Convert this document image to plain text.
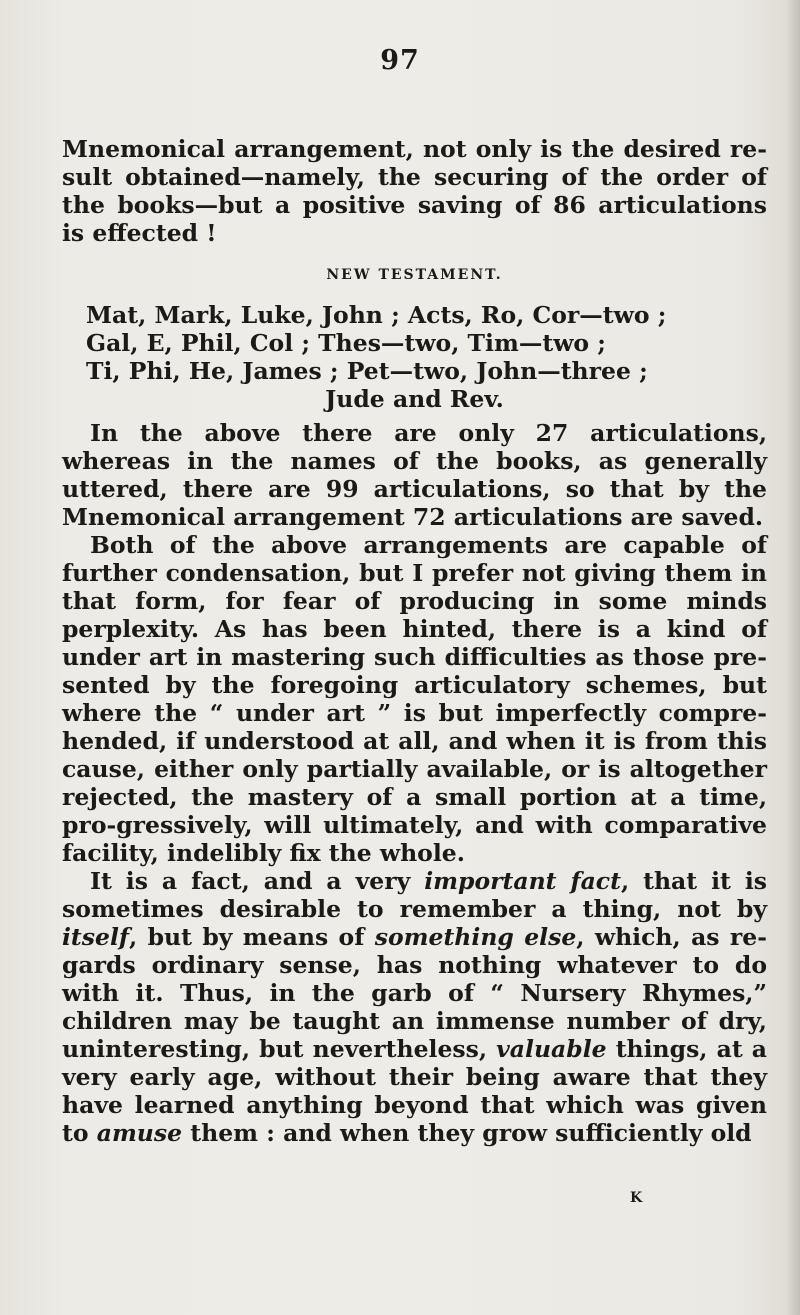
97

Mnemonical arrangement, not only is the desired re-sult obtained—namely, the securing of the order of the books—but a positive saving of 86 articulations is effected !

NEW TESTAMENT.

Mat, Mark, Luke, John ; Acts, Ro, Cor—two ;

Gal, E, Phil, Col ; Thes—two, Tim—two ;

Ti, Phi, He, James ; Pet—two, John—three ;

Jude and Rev.

In the above there are only 27 articulations, whereas in the names of the books, as generally uttered, there are 99 articulations, so that by the Mnemonical arrangement 72 articulations are saved.

Both of the above arrangements are capable of further condensation, but I prefer not giving them in that form, for fear of producing in some minds perplexity. As has been hinted, there is a kind of under art in mastering such difficulties as those pre-sented by the foregoing articulatory schemes, but where the “ under art ” is but imperfectly compre-hended, if understood at all, and when it is from this cause, either only partially available, or is altogether rejected, the mastery of a small portion at a time, pro-gressively, will ultimately, and with comparative facility, indelibly fix the whole.

It is a fact, and a very important fact, that it is sometimes desirable to remember a thing, not by itself, but by means of something else, which, as re-gards ordinary sense, has nothing whatever to do with it. Thus, in the garb of “ Nursery Rhymes,” children may be taught an immense number of dry, uninteresting, but nevertheless, valuable things, at a very early age, without their being aware that they have learned anything beyond that which was given to amuse them : and when they grow sufficiently old

K
